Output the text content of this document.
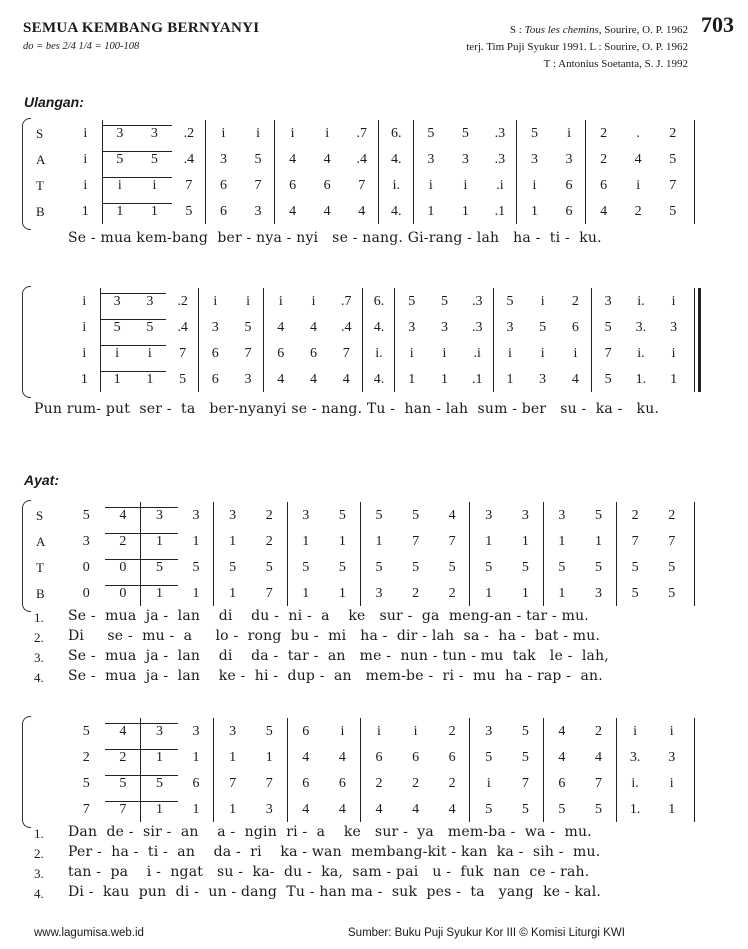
SEMUA KEMBANG BERNYANYI
do = bes 2/4 1/4 = 100-108
S : Tous les chemins, Sourire, O. P. 1962
terj. Tim Puji Syukur 1991. L : Sourire, O. P. 1962
T : Antonius Soetanta, S. J. 1992
703
Ulangan:
Ayat:
S
A
T
B
i	3	3	.2	i	i	i	i	.7	6.	5	5	.3	5	i	2	.	2
i	5	5	.4	3	5	4	4	.4	4.	3	3	.3	3	3	2	4	5
i	i	i	7	6	7	6	6	7	i.	i	i	.i	i	6	6	i	7
1	1	1	5	6	3	4	4	4	4.	1	1	.1	1	6	4	2	5
Se - mua kem-bang  ber - nya - nyi   se - nang. Gi-rang - lah   ha -  ti -  ku.
i	3	3	.2	i	i	i	i	.7	6.	5	5	.3	5	i	2	3	i.	i
i	5	5	.4	3	5	4	4	.4	4.	3	3	.3	3	5	6	5	3.	3
i	i	i	7	6	7	6	6	7	i.	i	i	.i	i	i	i	7	i.	i
1	1	1	5	6	3	4	4	4	4.	1	1	.1	1	3	4	5	1.	1
Pun rum- put  ser -  ta   ber-nyanyi se - nang. Tu -  han - lah  sum - ber   su -  ka -   ku.
S
A
T
B
5	4	3	3	3	2	3	5	5	5	4	3	3	3	5	2	2
3	2	1	1	1	2	1	1	1	7	7	1	1	1	1	7	7
0	0	5	5	5	5	5	5	5	5	5	5	5	5	5	5	5
0	0	1	1	1	7	1	1	3	2	2	1	1	1	3	5	5
1. Se -  mua  ja -  lan    di    du -  ni -  a    ke   sur -  ga  meng-an - tar - mu.
2. Di     se -  mu -  a     lo -  rong  bu -  mi   ha -  dir - lah  sa -  ha -  bat - mu.
3. Se -  mua  ja -  lan    di    da -  tar -  an   me -  nun - tun - mu  tak   le -  lah,
4. Se -  mua  ja -  lan    ke -  hi -  dup -  an   mem-be -  ri -  mu  ha - rap -  an.
5	4	3	3	3	5	6	i	i	i	2	3	5	4	2	i	i
2	2	1	1	1	1	4	4	6	6	6	5	5	4	4	3.	3
5	5	5	6	7	7	6	6	2	2	2	i	7	6	7	i.	i
7	7	1	1	1	3	4	4	4	4	4	5	5	5	5	1.	1
1. Dan  de -  sir -  an    a -  ngin  ri -  a    ke   sur -  ya   mem-ba -  wa -  mu.
2. Per -  ha -  ti -  an    da -  ri    ka - wan  membang-kit - kan  ka -  sih -  mu.
3. tan -  pa    i -  ngat   su -  ka-  du -  ka,  sam - pai   u -  fuk  nan  ce - rah.
4. Di -  kau  pun  di -  un - dang  Tu - han ma -  suk  pes -  ta   yang  ke - kal.
www.lagumisa.web.id	Sumber: Buku Puji Syukur Kor III © Komisi Liturgi KWI
